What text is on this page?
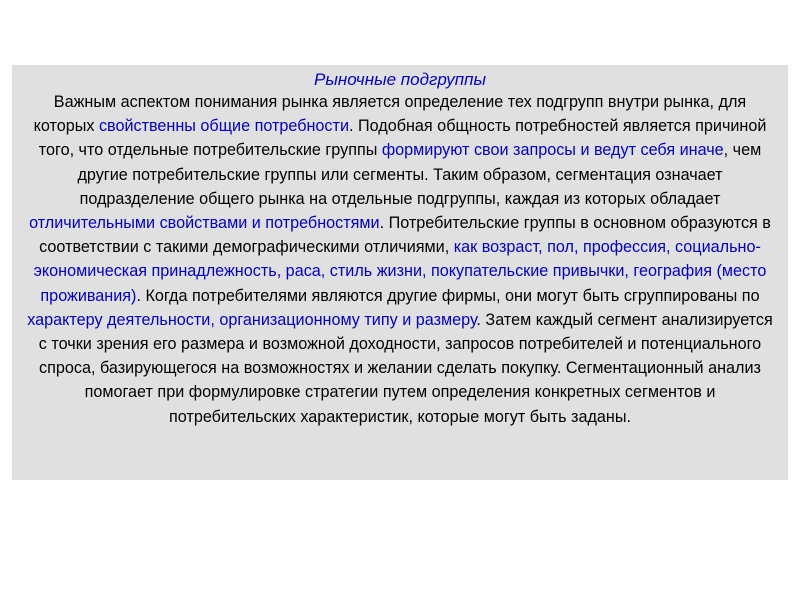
Рыночные подгруппы

Важным аспектом понимания рынка является определение тех подгрупп внутри рынка, для которых свойственны общие потребности. Подобная общность потребностей является причиной того, что отдельные потребительские группы формируют свои запросы и ведут себя иначе, чем другие потребительские группы или сегменты. Таким образом, сегментация означает подразделение общего рынка на отдельные подгруппы, каждая из которых обладает отличительными свойствами и потребностями. Потребительские группы в основном образуются в соответствии с такими демографическими отличиями, как возраст, пол, профессия, социально-экономическая принадлежность, раса, стиль жизни, покупательские привычки, география (место проживания). Когда потребителями являются другие фирмы, они могут быть сгруппированы по характеру деятельности, организационному типу и размеру. Затем каждый сегмент анализируется с точки зрения его размера и возможной доходности, запросов потребителей и потенциального спроса, базирующегося на возможностях и желании сделать покупку. Сегментационный анализ помогает при формулировке стратегии путем определения конкретных сегментов и потребительских характеристик, которые могут быть заданы.
